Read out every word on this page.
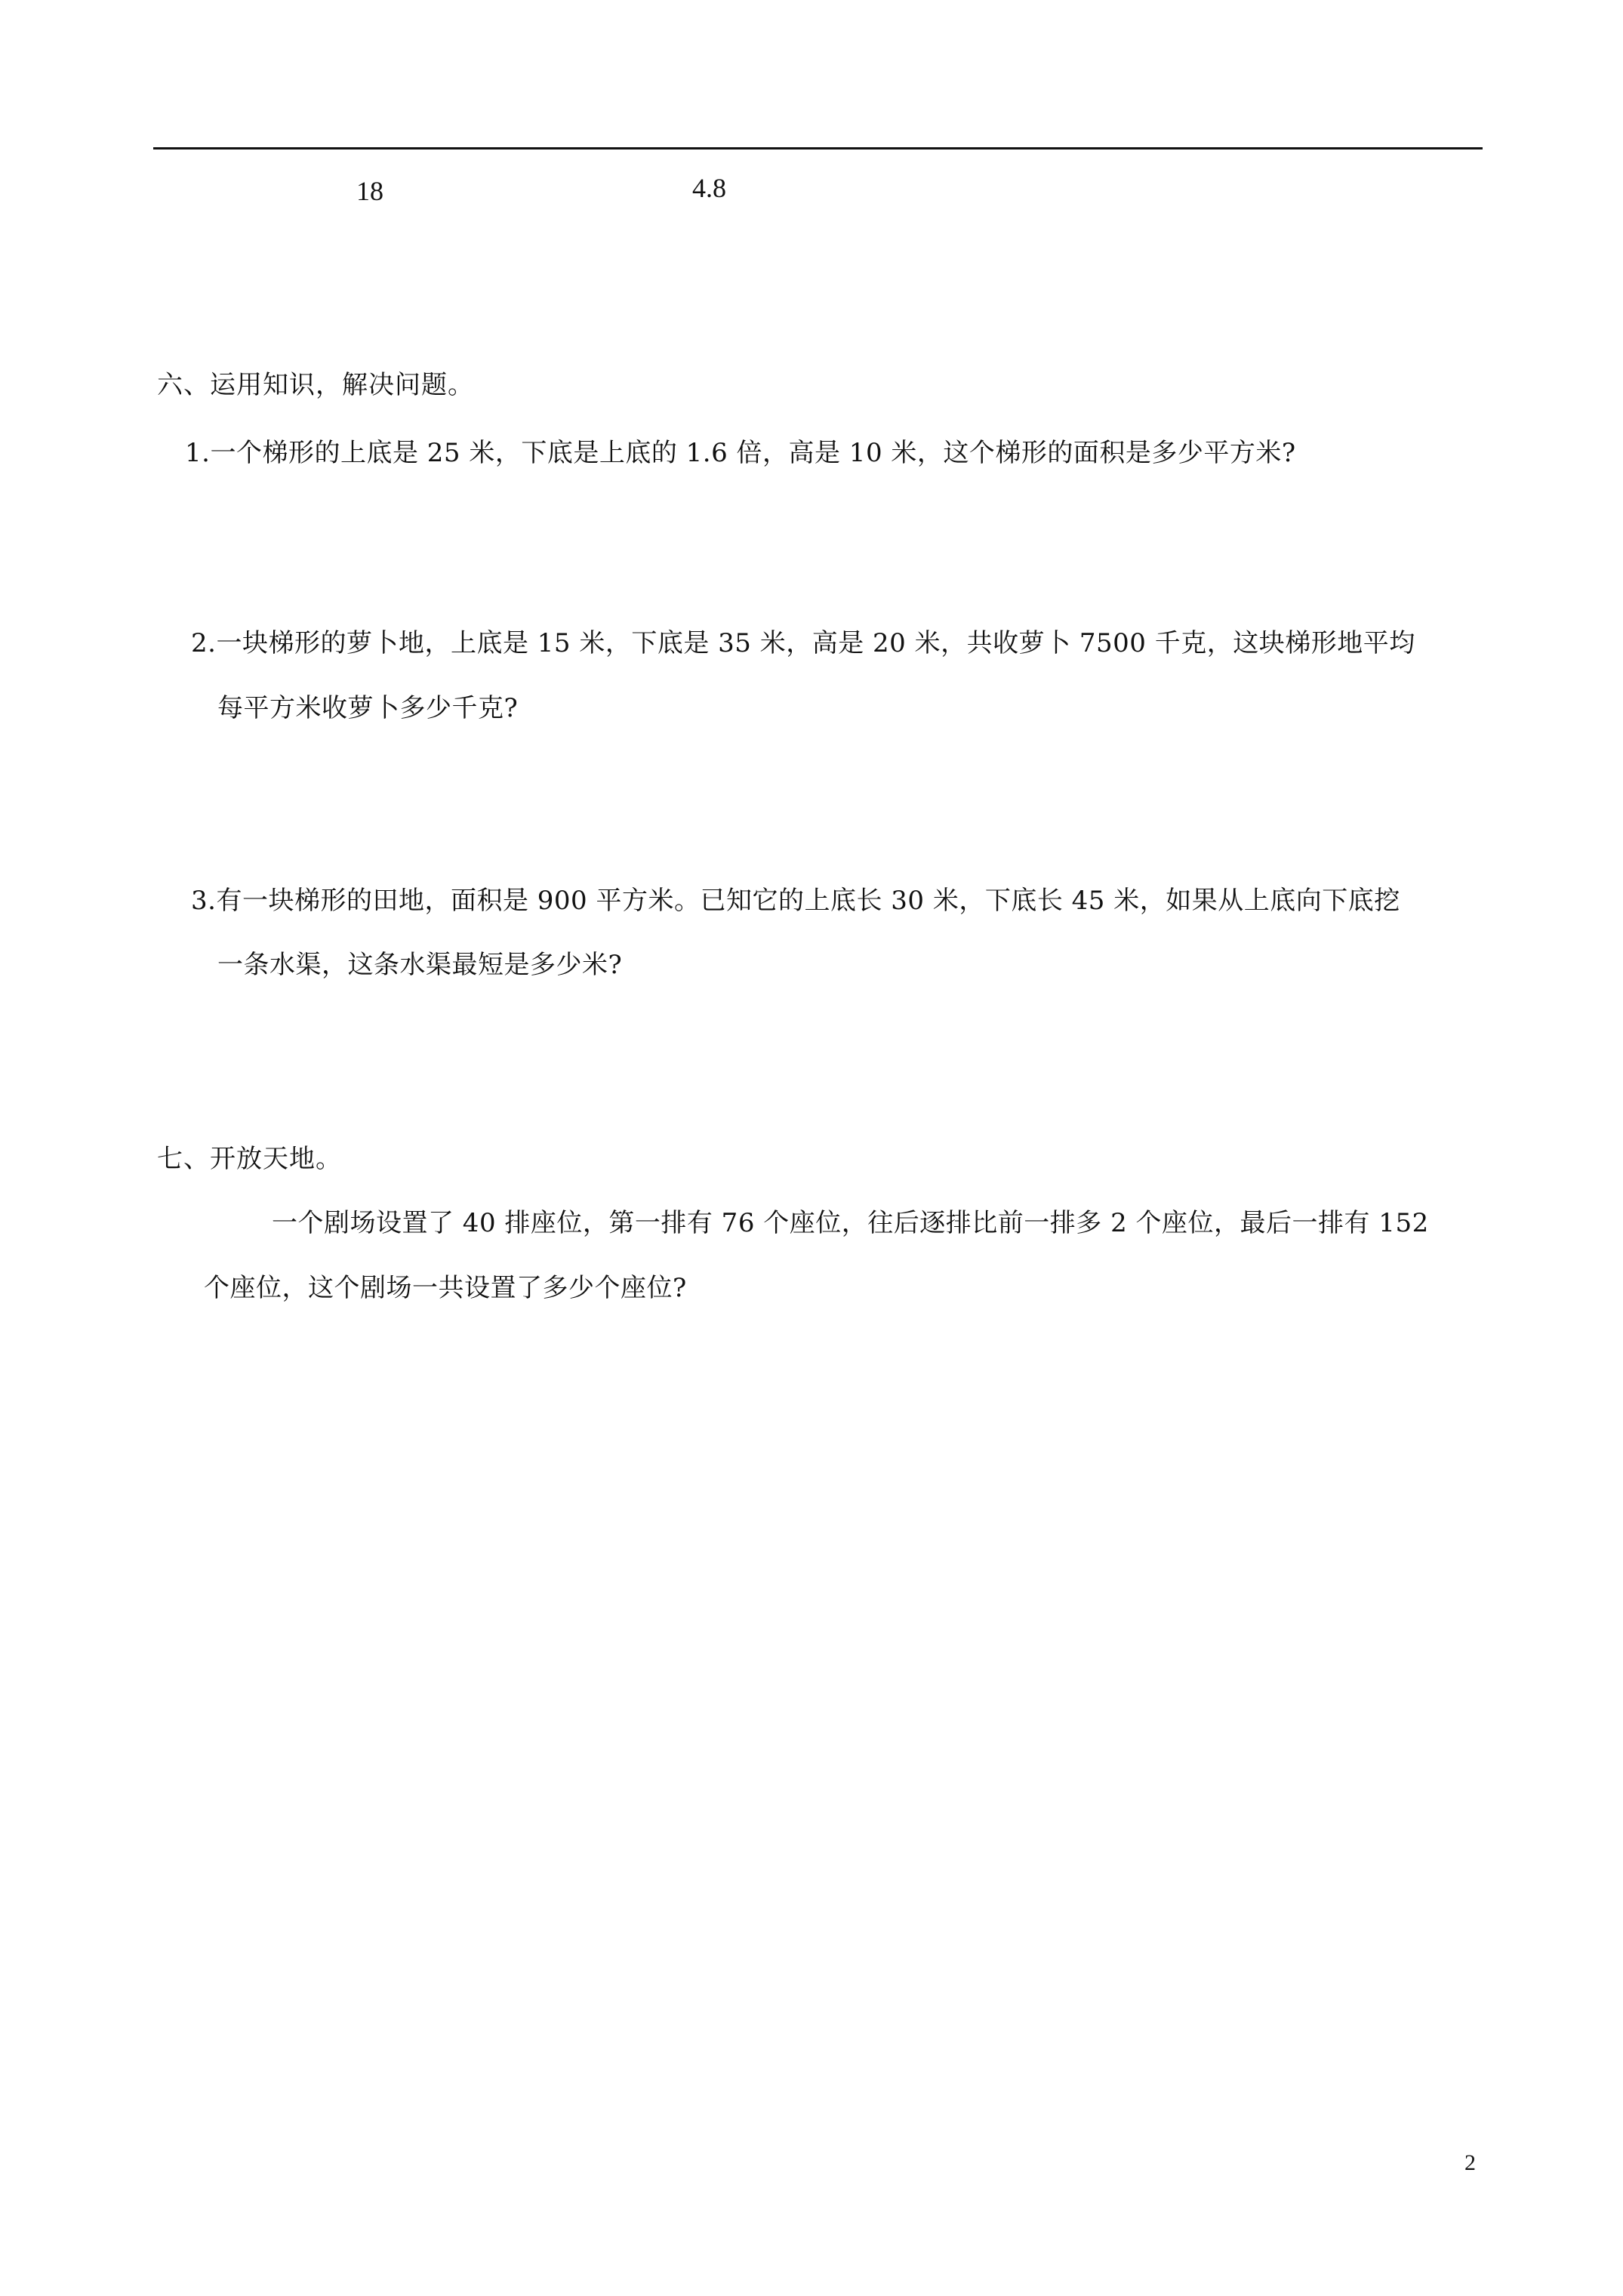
18	4.8
六、运用知识，解决问题。
1.一个梯形的上底是 25 米，下底是上底的 1.6 倍，高是 10 米，这个梯形的面积是多少平方米?
2.一块梯形的萝卜地，上底是 15 米，下底是 35 米，高是 20 米，共收萝卜 7500 千克，这块梯形地平均
每平方米收萝卜多少千克?
3.有一块梯形的田地，面积是 900 平方米。已知它的上底长 30 米，下底长 45 米，如果从上底向下底挖
一条水渠，这条水渠最短是多少米?
七、开放天地。
一个剧场设置了 40 排座位，第一排有 76 个座位，往后逐排比前一排多 2 个座位，最后一排有 152
个座位，这个剧场一共设置了多少个座位?
2
